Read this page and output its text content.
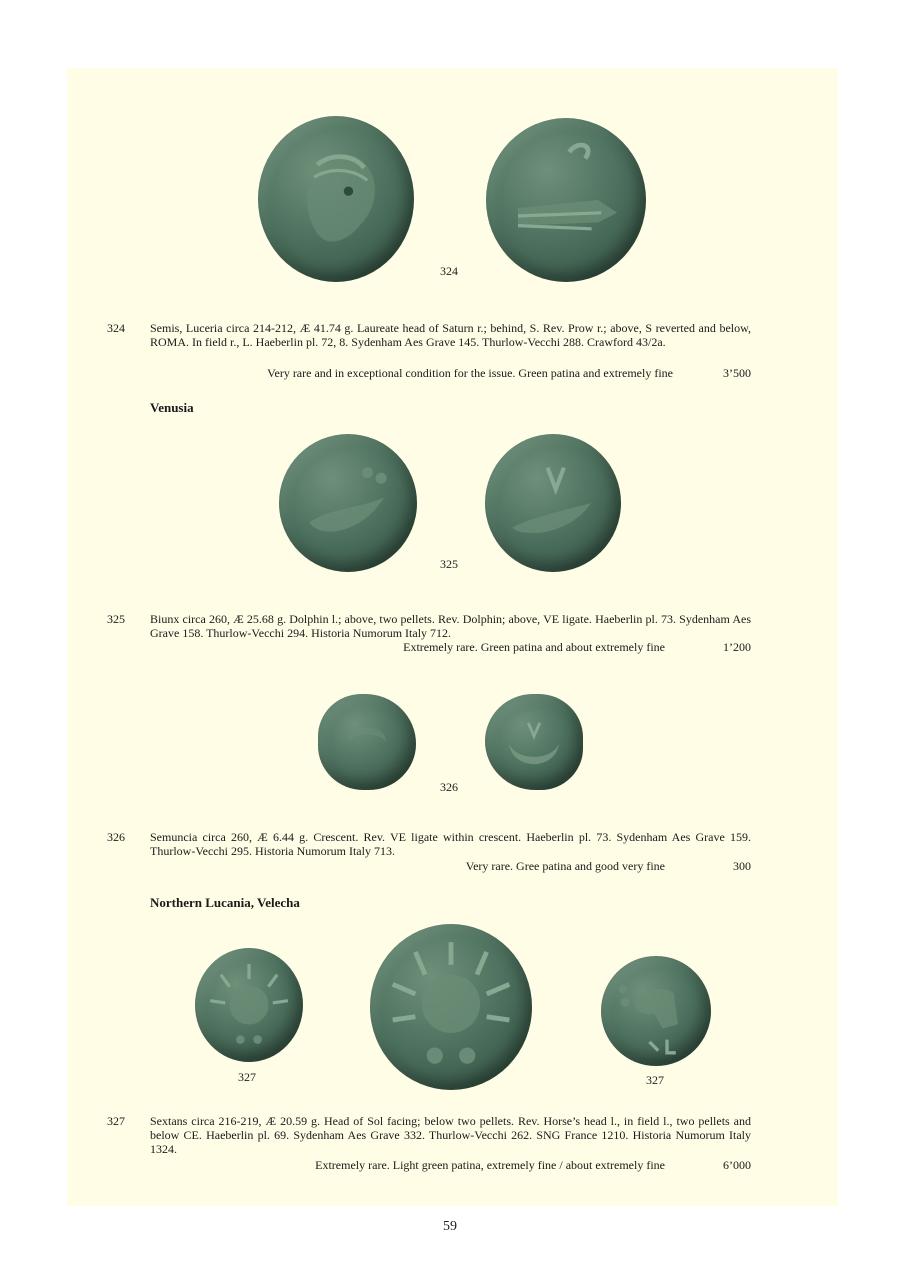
324
324 Semis, Luceria circa 214-212, Æ 41.74 g. Laureate head of Saturn r.; behind, S. Rev. Prow r.; above, S reverted and below, ROMA. In field r., L. Haeberlin pl. 72, 8. Sydenham Aes Grave 145. Thurlow-Vecchi 288. Crawford 43/2a.
Very rare and in exceptional condition for the issue. Green patina and extremely fine	3’500
Venusia
325
325 Biunx circa 260, Æ 25.68 g. Dolphin l.; above, two pellets. Rev. Dolphin; above, VE ligate. Haeberlin pl. 73. Sydenham Aes Grave 158. Thurlow-Vecchi 294. Historia Numorum Italy 712.
Extremely rare. Green patina and about extremely fine	1’200
326
326 Semuncia circa 260, Æ 6.44 g. Crescent. Rev. VE ligate within crescent. Haeberlin pl. 73. Sydenham Aes Grave 159. Thurlow-Vecchi 295. Historia Numorum Italy 713.
Very rare. Gree patina and good very fine	300
Northern Lucania, Velecha
327	327
327 Sextans circa 216-219, Æ 20.59 g. Head of Sol facing; below two pellets. Rev. Horse’s head l., in field l., two pellets and below CE. Haeberlin pl. 69. Sydenham Aes Grave 332. Thurlow-Vecchi 262. SNG France 1210. Historia Numorum Italy 1324.
Extremely rare. Light green patina, extremely fine / about extremely fine	6’000
59
